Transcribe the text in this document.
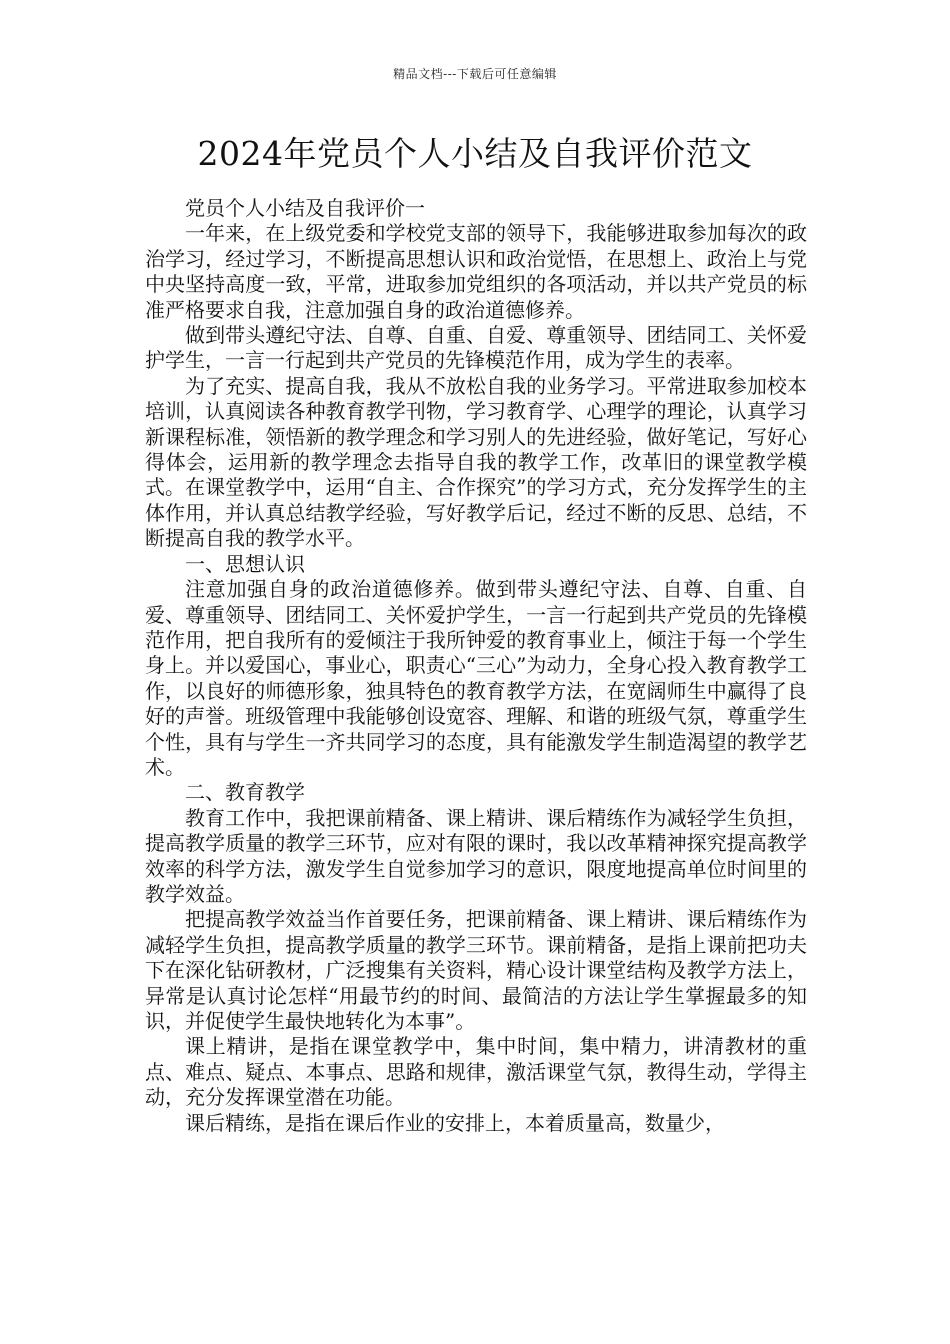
精品文档---下载后可任意编辑
2024年党员个人小结及自我评价范文

党员个人小结及自我评价一

一年来，在上级党委和学校党支部的领导下，我能够进取参加每次的政治学习，经过学习，不断提高思想认识和政治觉悟，在思想上、政治上与党中央坚持高度一致，平常，进取参加党组织的各项活动，并以共产党员的标准严格要求自我，注意加强自身的政治道德修养。

做到带头遵纪守法、自尊、自重、自爱、尊重领导、团结同工、关怀爱护学生，一言一行起到共产党员的先锋模范作用，成为学生的表率。

为了充实、提高自我，我从不放松自我的业务学习。平常进取参加校本培训，认真阅读各种教育教学刊物，学习教育学、心理学的理论，认真学习新课程标准，领悟新的教学理念和学习别人的先进经验，做好笔记，写好心得体会，运用新的教学理念去指导自我的教学工作，改革旧的课堂教学模式。在课堂教学中，运用“自主、合作探究”的学习方式，充分发挥学生的主体作用，并认真总结教学经验，写好教学后记，经过不断的反思、总结，不断提高自我的教学水平。

一、思想认识

注意加强自身的政治道德修养。做到带头遵纪守法、自尊、自重、自爱、尊重领导、团结同工、关怀爱护学生，一言一行起到共产党员的先锋模范作用，把自我所有的爱倾注于我所钟爱的教育事业上，倾注于每一个学生身上。并以爱国心，事业心，职责心“三心”为动力，全身心投入教育教学工作，以良好的师德形象，独具特色的教育教学方法，在宽阔师生中赢得了良好的声誉。班级管理中我能够创设宽容、理解、和谐的班级气氛，尊重学生个性，具有与学生一齐共同学习的态度，具有能激发学生制造渴望的教学艺术。

二、教育教学

教育工作中，我把课前精备、课上精讲、课后精练作为减轻学生负担，提高教学质量的教学三环节，应对有限的课时，我以改革精神探究提高教学效率的科学方法，激发学生自觉参加学习的意识，限度地提高单位时间里的教学效益。

把提高教学效益当作首要任务，把课前精备、课上精讲、课后精练作为减轻学生负担，提高教学质量的教学三环节。课前精备，是指上课前把功夫下在深化钻研教材，广泛搜集有关资料，精心设计课堂结构及教学方法上，异常是认真讨论怎样“用最节约的时间、最简洁的方法让学生掌握最多的知识，并促使学生最快地转化为本事”。

课上精讲，是指在课堂教学中，集中时间，集中精力，讲清教材的重点、难点、疑点、本事点、思路和规律，激活课堂气氛，教得生动，学得主动，充分发挥课堂潜在功能。

课后精练，是指在课后作业的安排上，本着质量高，数量少，
